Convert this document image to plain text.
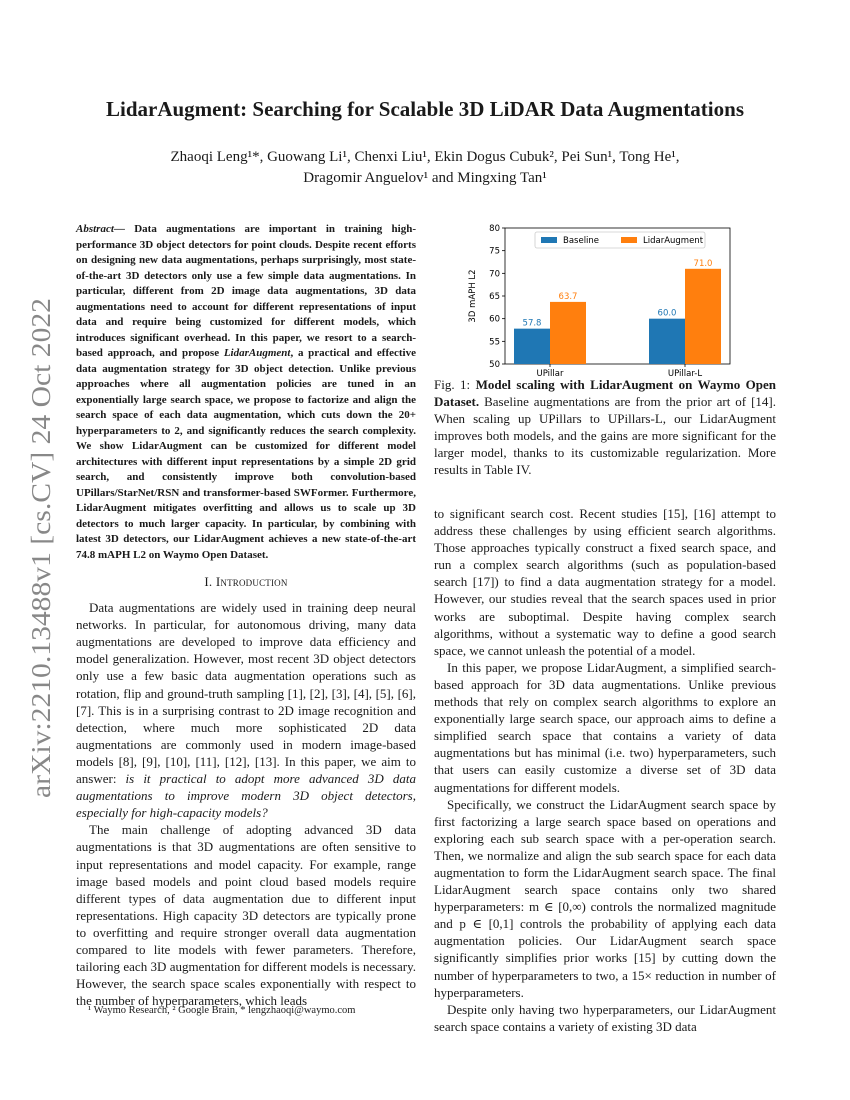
arXiv:2210.13488v1 [cs.CV] 24 Oct 2022
LidarAugment: Searching for Scalable 3D LiDAR Data Augmentations
Zhaoqi Leng¹*, Guowang Li¹, Chenxi Liu¹, Ekin Dogus Cubuk², Pei Sun¹, Tong He¹,
Dragomir Anguelov¹ and Mingxing Tan¹
Abstract— Data augmentations are important in training high-performance 3D object detectors for point clouds. Despite recent efforts on designing new data augmentations, perhaps surprisingly, most state-of-the-art 3D detectors only use a few simple data augmentations. In particular, different from 2D image data augmentations, 3D data augmentations need to account for different representations of input data and require being customized for different models, which introduces significant overhead. In this paper, we resort to a search-based approach, and propose LidarAugment, a practical and effective data augmentation strategy for 3D object detection. Unlike previous approaches where all augmentation policies are tuned in an exponentially large search space, we propose to factorize and align the search space of each data augmentation, which cuts down the 20+ hyperparameters to 2, and significantly reduces the search complexity. We show LidarAugment can be customized for different model architectures with different input representations by a simple 2D grid search, and consistently improve both convolution-based UPillars/StarNet/RSN and transformer-based SWFormer. Furthermore, LidarAugment mitigates overfitting and allows us to scale up 3D detectors to much larger capacity. In particular, by combining with latest 3D detectors, our LidarAugment achieves a new state-of-the-art 74.8 mAPH L2 on Waymo Open Dataset.
I. Introduction

Data augmentations are widely used in training deep neural networks. In particular, for autonomous driving, many data augmentations are developed to improve data efficiency and model generalization. However, most recent 3D object detectors only use a few basic data augmentation operations such as rotation, flip and ground-truth sampling [1], [2], [3], [4], [5], [6], [7]. This is in a surprising contrast to 2D image recognition and detection, where much more sophisticated 2D data augmentations are commonly used in modern image-based models [8], [9], [10], [11], [12], [13]. In this paper, we aim to answer: is it practical to adopt more advanced 3D data augmentations to improve modern 3D object detectors, especially for high-capacity models?

The main challenge of adopting advanced 3D data augmentations is that 3D augmentations are often sensitive to input representations and model capacity. For example, range image based models and point cloud based models require different types of data augmentation due to different input representations. High capacity 3D detectors are typically prone to overfitting and require stronger overall data augmentation compared to lite models with fewer parameters. Therefore, tailoring each 3D augmentation for different models is necessary. However, the search space scales exponentially with respect to the number of hyperparameters, which leads

¹ Waymo Research, ² Google Brain, * lengzhaoqi@waymo.com
50
55
60
65
70
75
80
3D mAPH L2
UPillar
57.8
63.7
UPillar-L
60.0
71.0
Baseline	LidarAugment
Fig. 1: Model scaling with LidarAugment on Waymo Open Dataset. Baseline augmentations are from the prior art of [14]. When scaling up UPillars to UPillars-L, our LidarAugment improves both models, and the gains are more significant for the larger model, thanks to its customizable regularization. More results in Table IV.

to significant search cost. Recent studies [15], [16] attempt to address these challenges by using efficient search algorithms. Those approaches typically construct a fixed search space, and run a complex search algorithms (such as population-based search [17]) to find a data augmentation strategy for a model. However, our studies reveal that the search spaces used in prior works are suboptimal. Despite having complex search algorithms, without a systematic way to define a good search space, we cannot unleash the potential of a model.

In this paper, we propose LidarAugment, a simplified search-based approach for 3D data augmentations. Unlike previous methods that rely on complex search algorithms to explore an exponentially large search space, our approach aims to define a simplified search space that contains a variety of data augmentations but has minimal (i.e. two) hyperparameters, such that users can easily customize a diverse set of 3D data augmentations for different models.

Specifically, we construct the LidarAugment search space by first factorizing a large search space based on operations and exploring each sub search space with a per-operation search. Then, we normalize and align the sub search space for each data augmentation to form the LidarAugment search space. The final LidarAugment search space contains only two shared hyperparameters: m ∈ [0,∞) controls the normalized magnitude and p ∈ [0,1] controls the probability of applying each data augmentation policies. Our LidarAugment search space significantly simplifies prior works [15] by cutting down the number of hyperparameters to two, a 15× reduction in number of hyperparameters.

Despite only having two hyperparameters, our LidarAugment search space contains a variety of existing 3D data
